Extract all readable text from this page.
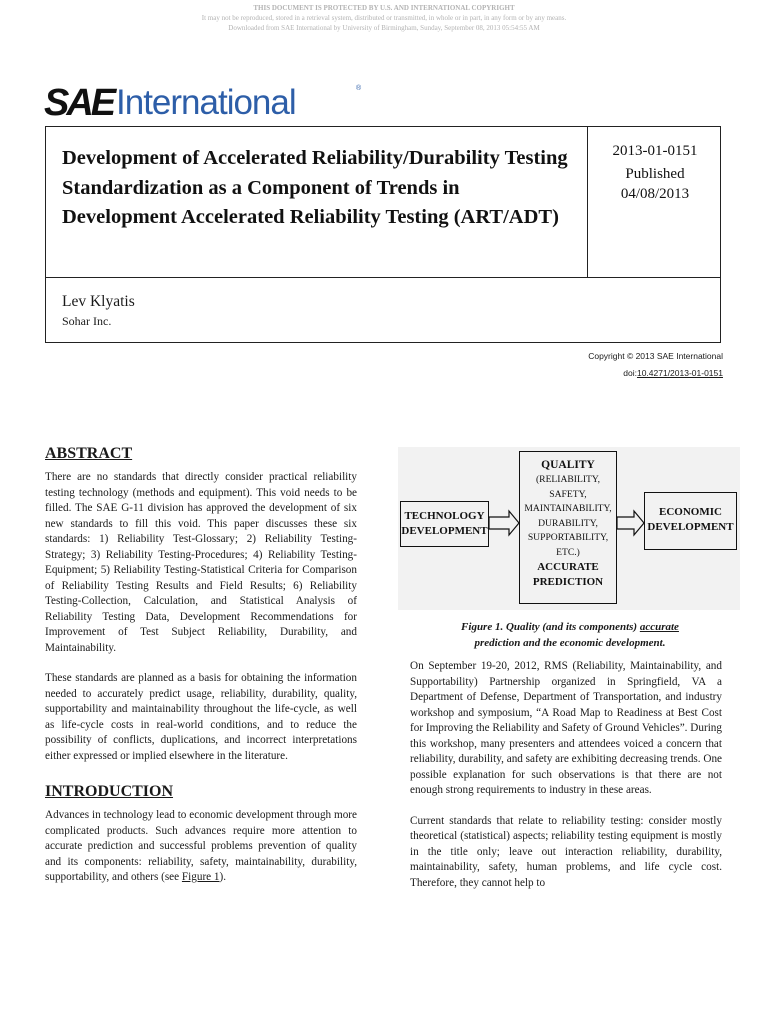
THIS DOCUMENT IS PROTECTED BY U.S. AND INTERNATIONAL COPYRIGHT
It may not be reproduced, stored in a retrieval system, distributed or transmitted, in whole or in part, in any form or by any means.
Downloaded from SAE International by University of Birmingham, Sunday, September 08, 2013 05:54:55 AM
SAE International	®
Development of Accelerated Reliability/Durability Testing Standardization as a Component of Trends in Development Accelerated Reliability Testing (ART/ADT)
2013-01-0151
Published
04/08/2013
Lev Klyatis
Sohar Inc.
Copyright © 2013 SAE International
doi:10.4271/2013-01-0151
ABSTRACT

There are no standards that directly consider practical reliability testing technology (methods and equipment). This void needs to be filled. The SAE G-11 division has approved the development of six new standards to fill this void. This paper discusses these six standards: 1) Reliability Test-Glossary; 2) Reliability Testing-Strategy; 3) Reliability Testing-Procedures; 4) Reliability Testing-Equipment; 5) Reliability Testing-Statistical Criteria for Comparison of Reliability Testing Results and Field Results; 6) Reliability Testing-Collection, Calculation, and Statistical Analysis of Reliability Testing Data, Development Recommendations for Improvement of Test Subject Reliability, Durability, and Maintainability.

These standards are planned as a basis for obtaining the information needed to accurately predict usage, reliability, durability, quality, supportability and maintainability throughout the life-cycle, as well as life-cycle costs in real-world conditions, and to reduce the possibility of conflicts, duplications, and incorrect interpretations either expressed or implied elsewhere in the literature.

INTRODUCTION

Advances in technology lead to economic development through more complicated products. Such advances require more attention to accurate prediction and successful problems prevention of quality and its components: reliability, safety, maintainability, durability, supportability, and others (see Figure 1).

TECHNOLOGY
DEVELOPMENT
QUALITY
(RELIABILITY,
SAFETY,
MAINTAINABILITY,
DURABILITY,
SUPPORTABILITY,
ETC.)
ACCURATE
PREDICTION
ECONOMIC
DEVELOPMENT
Figure 1. Quality (and its components) accurate
prediction and the economic development.

On September 19-20, 2012, RMS (Reliability, Maintainability, and Supportability) Partnership organized in Springfield, VA a Department of Defense, Department of Transportation, and industry workshop and symposium, “A Road Map to Readiness at Best Cost for Improving the Reliability and Safety of Ground Vehicles”. During this workshop, many presenters and attendees voiced a concern that reliability, durability, and safety are exhibiting decreasing trends. One possible explanation for such observations is that there are not enough strong requirements to industry in these areas.

Current standards that relate to reliability testing: consider mostly theoretical (statistical) aspects; reliability testing equipment is mostly in the title only; leave out interaction reliability, durability, maintainability, safety, human problems, and life cycle cost. Therefore, they cannot help to
